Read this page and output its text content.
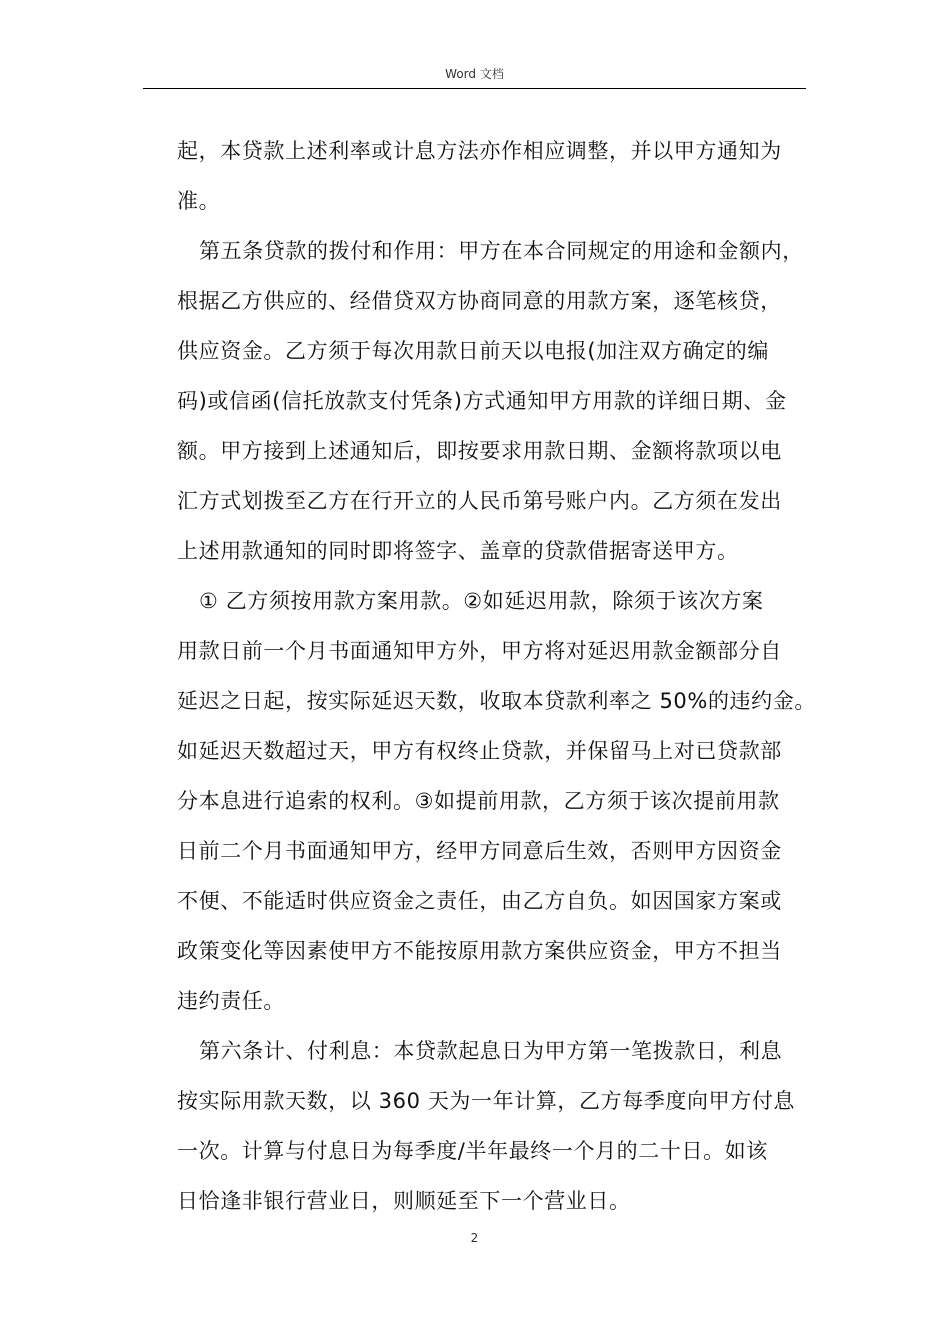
Word 文档
起，本贷款上述利率或计息方法亦作相应调整，并以甲方通知为
准。
第五条贷款的拨付和作用：甲方在本合同规定的用途和金额内，
根据乙方供应的、经借贷双方协商同意的用款方案，逐笔核贷，
供应资金。乙方须于每次用款日前天以电报(加注双方确定的编
码)或信函(信托放款支付凭条)方式通知甲方用款的详细日期、金
额。甲方接到上述通知后，即按要求用款日期、金额将款项以电
汇方式划拨至乙方在行开立的人民币第号账户内。乙方须在发出
上述用款通知的同时即将签字、盖章的贷款借据寄送甲方。
① 乙方须按用款方案用款。②如延迟用款，除须于该次方案
用款日前一个月书面通知甲方外，甲方将对延迟用款金额部分自
延迟之日起，按实际延迟天数，收取本贷款利率之 50%的违约金。
如延迟天数超过天，甲方有权终止贷款，并保留马上对已贷款部
分本息进行追索的权利。③如提前用款，乙方须于该次提前用款
日前二个月书面通知甲方，经甲方同意后生效，否则甲方因资金
不便、不能适时供应资金之责任，由乙方自负。如因国家方案或
政策变化等因素使甲方不能按原用款方案供应资金，甲方不担当
违约责任。
第六条计、付利息：本贷款起息日为甲方第一笔拨款日，利息
按实际用款天数，以 360 天为一年计算，乙方每季度向甲方付息
一次。计算与付息日为每季度/半年最终一个月的二十日。如该
日恰逢非银行营业日，则顺延至下一个营业日。
2
